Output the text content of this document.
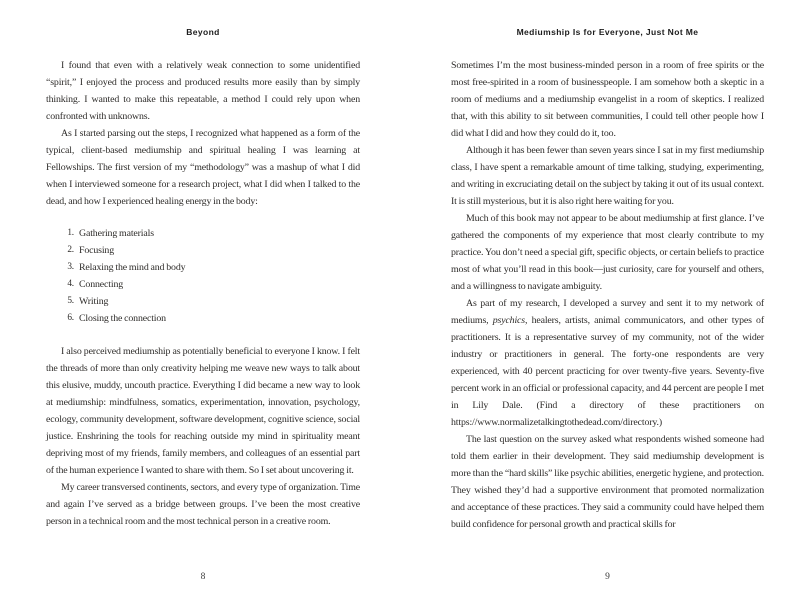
Beyond

I found that even with a relatively weak connection to some unidentified “spirit,” I enjoyed the process and produced results more easily than by simply thinking. I wanted to make this repeatable, a method I could rely upon when confronted with unknowns.

As I started parsing out the steps, I recognized what happened as a form of the typical, client-based mediumship and spiritual healing I was learning at Fellowships. The first version of my “methodology” was a mashup of what I did when I interviewed someone for a research project, what I did when I talked to the dead, and how I experienced healing energy in the body:

1. Gathering materials
2. Focusing
3. Relaxing the mind and body
4. Connecting
5. Writing
6. Closing the connection

I also perceived mediumship as potentially beneficial to everyone I know. I felt the threads of more than only creativity helping me weave new ways to talk about this elusive, muddy, uncouth practice. Everything I did became a new way to look at mediumship: mindfulness, somatics, experimentation, innovation, psychology, ecology, community development, software development, cognitive science, social justice. Enshrining the tools for reaching outside my mind in spirituality meant depriving most of my friends, family members, and colleagues of an essential part of the human experience I wanted to share with them. So I set about uncovering it.

My career transversed continents, sectors, and every type of organization. Time and again I’ve served as a bridge between groups. I’ve been the most creative person in a technical room and the most technical person in a creative room.

8
Mediumship Is for Everyone, Just Not Me

Sometimes I’m the most business-minded person in a room of free spirits or the most free-spirited in a room of businesspeople. I am somehow both a skeptic in a room of mediums and a mediumship evangelist in a room of skeptics. I realized that, with this ability to sit between communities, I could tell other people how I did what I did and how they could do it, too.

Although it has been fewer than seven years since I sat in my first mediumship class, I have spent a remarkable amount of time talking, studying, experimenting, and writing in excruciating detail on the subject by taking it out of its usual context. It is still mysterious, but it is also right here waiting for you.

Much of this book may not appear to be about mediumship at first glance. I’ve gathered the components of my experience that most clearly contribute to my practice. You don’t need a special gift, specific objects, or certain beliefs to practice most of what you’ll read in this book—just curiosity, care for yourself and others, and a willingness to navigate ambiguity.

As part of my research, I developed a survey and sent it to my network of mediums, psychics, healers, artists, animal communicators, and other types of practitioners. It is a representative survey of my community, not of the wider industry or practitioners in general. The forty-one respondents are very experienced, with 40 percent practicing for over twenty-five years. Seventy-five percent work in an official or professional capacity, and 44 percent are people I met in Lily Dale. (Find a directory of these practitioners on https://www.normalizetalkingtothedead.com/directory.)

The last question on the survey asked what respondents wished someone had told them earlier in their development. They said mediumship development is more than the “hard skills” like psychic abilities, energetic hygiene, and protection. They wished they’d had a supportive environment that promoted normalization and acceptance of these practices. They said a community could have helped them build confidence for personal growth and practical skills for

9
